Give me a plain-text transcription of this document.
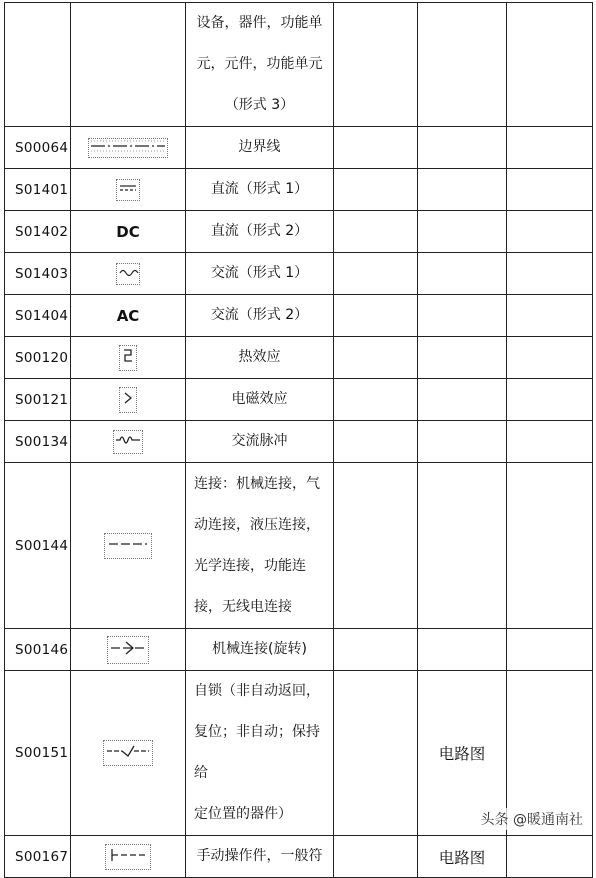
		设备，器件，功能单
元，元件，功能单元
（形式 3）			

S00064		边界线			

S01401		直流（形式 1）			

S01402	DC	直流（形式 2）			

S01403		交流（形式 1）			

S01404	AC	交流（形式 2）			

S00120		热效应			

S00121		电磁效应			

S00134		交流脉冲			

S00144		连接：机械连接，气
动连接，液压连接，
光学连接，功能连
接，无线电连接			

S00146		机械连接(旋转)			

S00151		自锁（非自动返回，
复位；非自动；保持给
定位置的器件）		电路图	
S00167		手动操作件，一般符		电路图	
头条 @暖通南社
